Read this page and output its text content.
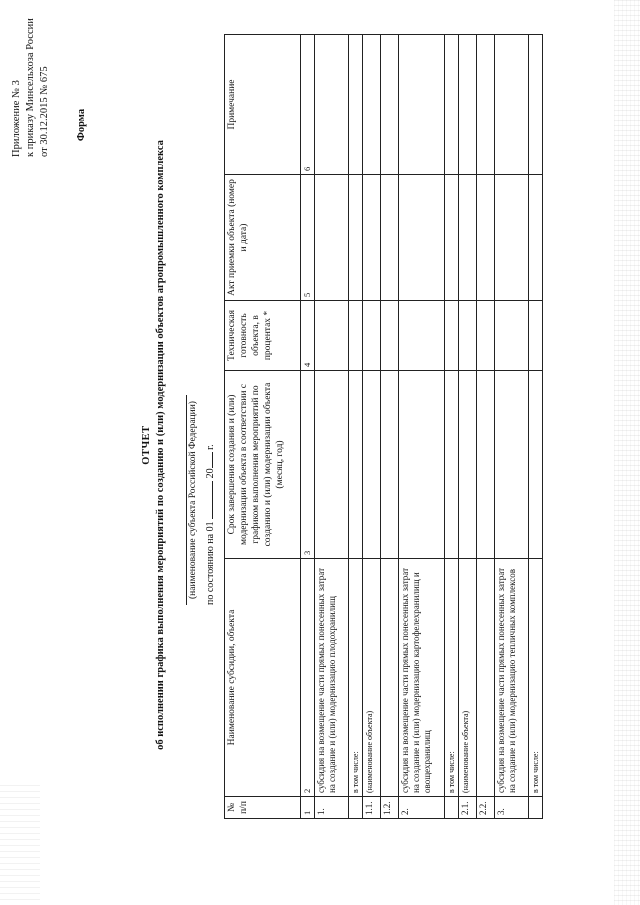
Приложение № 3 к приказу Минсельхоза России от 30.12.2015 № 675 Форма
ОТЧЕТ об исполнении графика выполнения мероприятий по созданию и (или) модернизации объектов агропромышленного комплекса (наименование субъекта Российской Федерации) по состоянию на 01  20 г.
№ п/п	Наименование субсидии, объекта	Срок завершения создания и (или) модернизации объекта в соответствии с графиком выполнения мероприятий по созданию и (или) модернизации объекта (месяц, год)	Техническая готовность объекта, в процентах *	Акт приемки объекта (номер и дата)	Примечание
1	2	3	4	5	6
1.	субсидия на возмещение части прямых понесенных затрат на создание и (или) модернизацию плодохранилищ				
	в том числе:				
1.1.	(наименование объекта)				
1.2.					
2.	субсидия на возмещение части прямых понесенных затрат на создание и (или) модернизацию картофелехранилищ и овощехранилищ				
	в том числе:				
2.1.	(наименование объекта)				
2.2.					
3.	субсидия на возмещение части прямых понесенных затрат на создание и (или) модернизацию тепличных комплексов				
	в том числе:				
